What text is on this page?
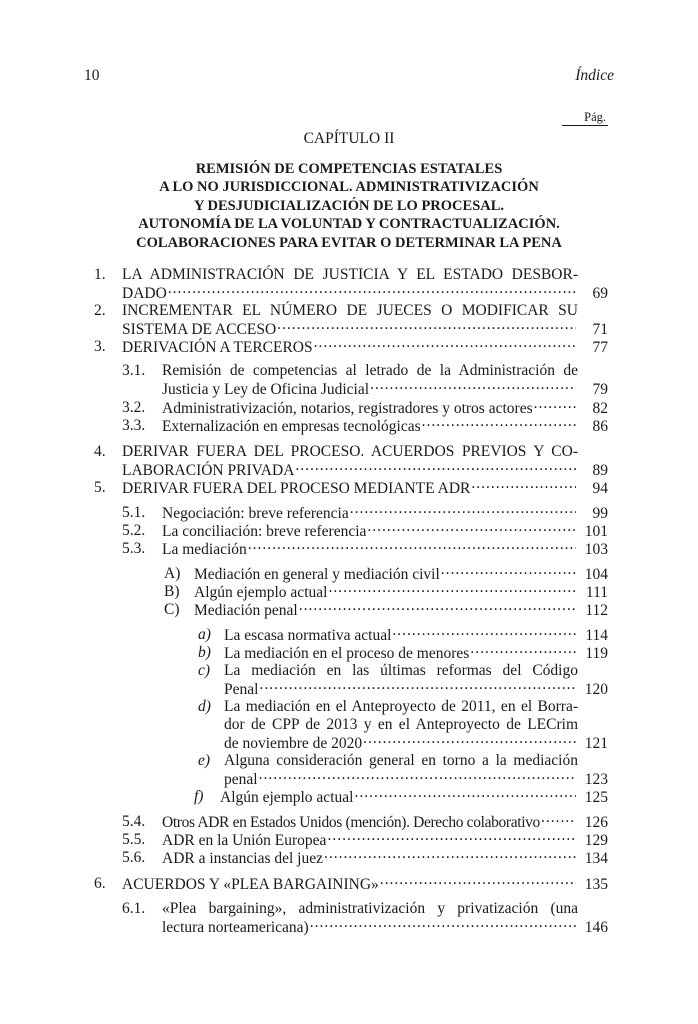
10	Índice
Pág.
CAPÍTULO II
REMISIÓN DE COMPETENCIAS ESTATALES
A LO NO JURISDICCIONAL. ADMINISTRATIVIZACIÓN
Y DESJUDICIALIZACIÓN DE LO PROCESAL.
AUTONOMÍA DE LA VOLUNTAD Y CONTRACTUALIZACIÓN.
COLABORACIONES PARA EVITAR O DETERMINAR LA PENA
1. LA ADMINISTRACIÓN DE JUSTICIA Y EL ESTADO DESBOR-
DADO .....	69
2. INCREMENTAR EL NÚMERO DE JUECES O MODIFICAR SU
SISTEMA DE ACCESO .....	71
3. DERIVACIÓN A TERCEROS .....	77
3.1. Remisión de competencias al letrado de la Administración de
Justicia y Ley de Oficina Judicial .....	79
3.2. Administrativización, notarios, registradores y otros actores .....	82
3.3. Externalización en empresas tecnológicas .....	86
4. DERIVAR FUERA DEL PROCESO. ACUERDOS PREVIOS Y CO-
LABORACIÓN PRIVADA .....	89
5. DERIVAR FUERA DEL PROCESO MEDIANTE ADR .....	94
5.1. Negociación: breve referencia .....	99
5.2. La conciliación: breve referencia .....	101
5.3. La mediación .....	103
A) Mediación en general y mediación civil .....	104
B) Algún ejemplo actual .....	111
C) Mediación penal .....	112
a) La escasa normativa actual .....	114
b) La mediación en el proceso de menores .....	119
c) La mediación en las últimas reformas del Código
Penal .....	120
d) La mediación en el Anteproyecto de 2011, en el Borra-
dor de CPP de 2013 y en el Anteproyecto de LECrim
de noviembre de 2020 .....	121
e) Alguna consideración general en torno a la mediación
penal .....	123
f) Algún ejemplo actual .....	125
5.4. Otros ADR en Estados Unidos (mención). Derecho colaborativo .....	126
5.5. ADR en la Unión Europea .....	129
5.6. ADR a instancias del juez .....	134
6. ACUERDOS Y «PLEA BARGAINING» .....	135
6.1. «Plea bargaining», administrativización y privatización (una
lectura norteamericana) .....	146
